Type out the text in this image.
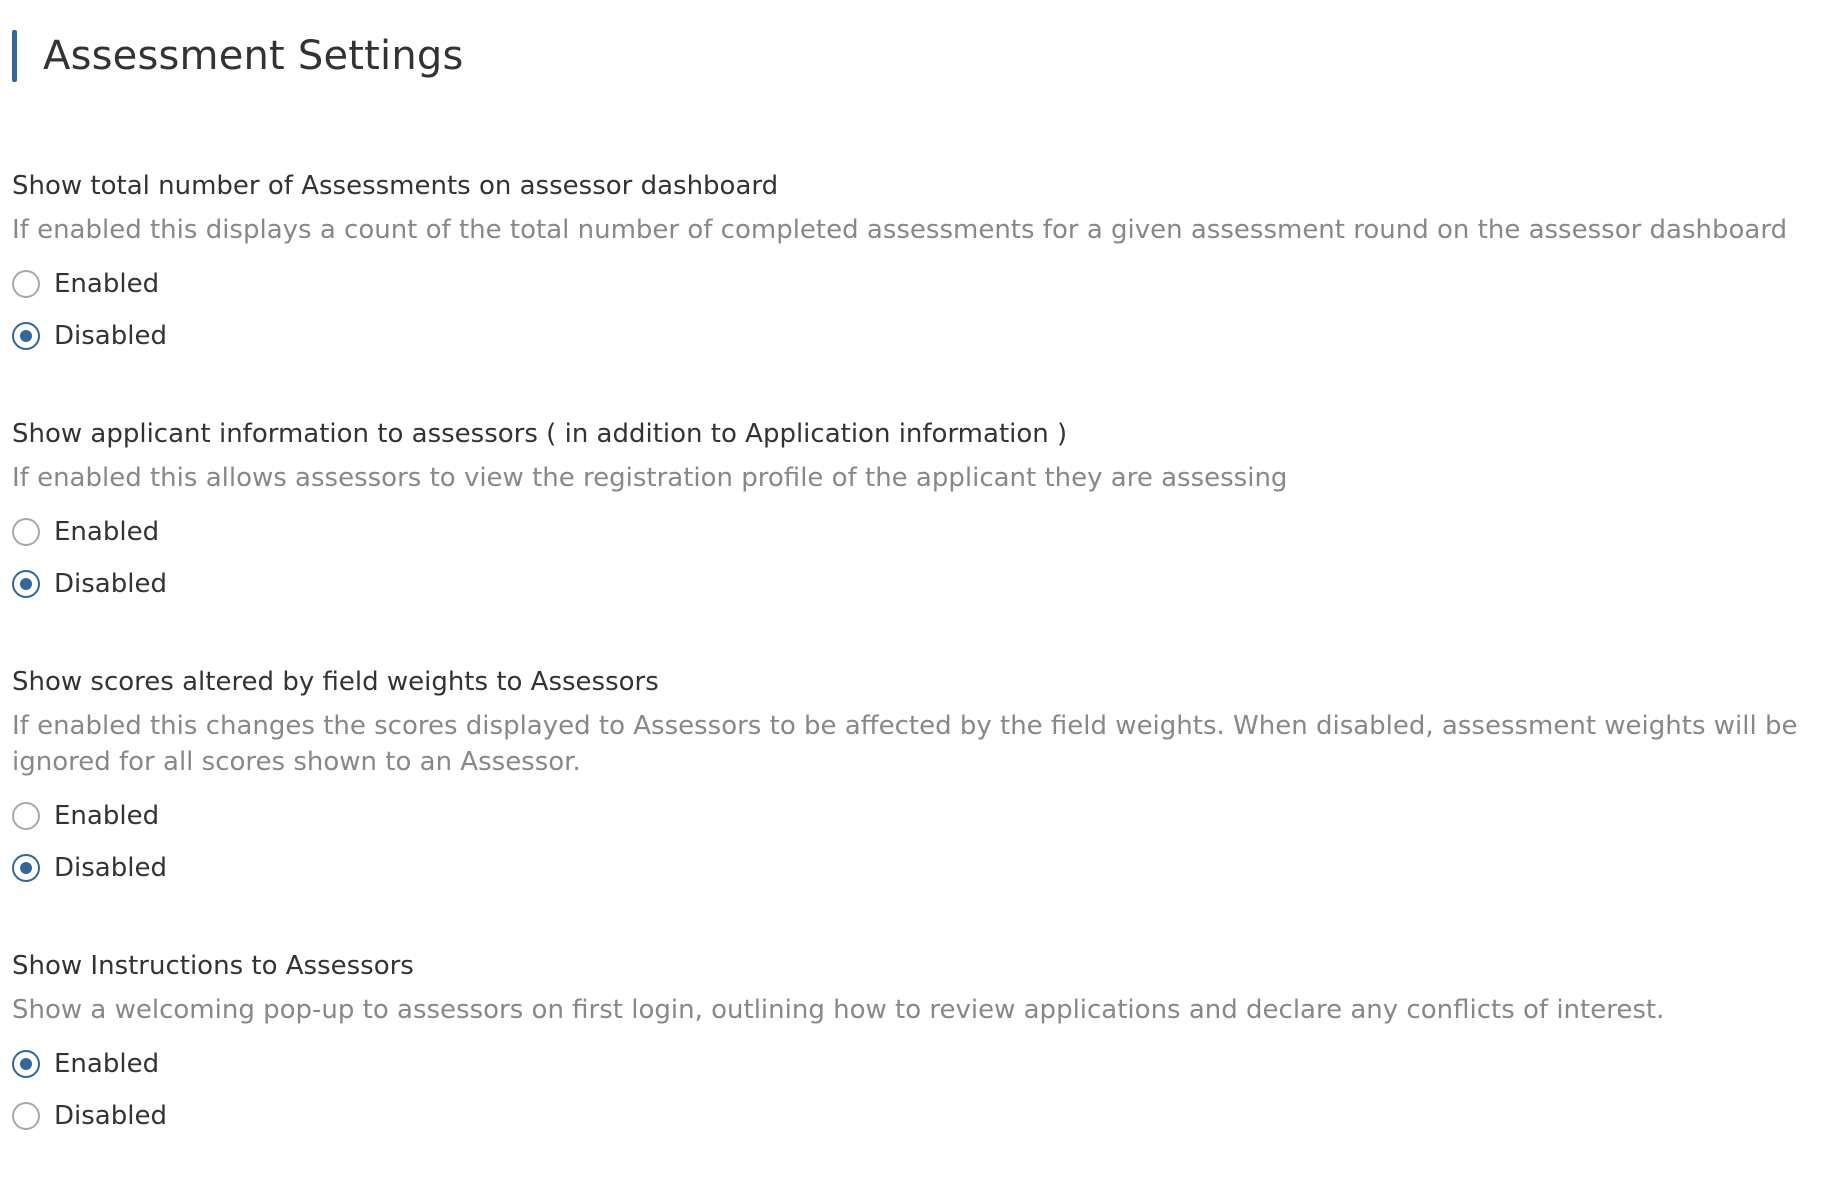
Assessment Settings

Show total number of Assessments on assessor dashboard

If enabled this displays a count of the total number of completed assessments for a given assessment round on the assessor dashboard

Enabled
Disabled

Show applicant information to assessors ( in addition to Application information )

If enabled this allows assessors to view the registration profile of the applicant they are assessing

Enabled
Disabled

Show scores altered by field weights to Assessors

If enabled this changes the scores displayed to Assessors to be affected by the field weights. When disabled, assessment weights will be ignored for all scores shown to an Assessor.

Enabled
Disabled

Show Instructions to Assessors

Show a welcoming pop-up to assessors on first login, outlining how to review applications and declare any conflicts of interest.

Enabled
Disabled
